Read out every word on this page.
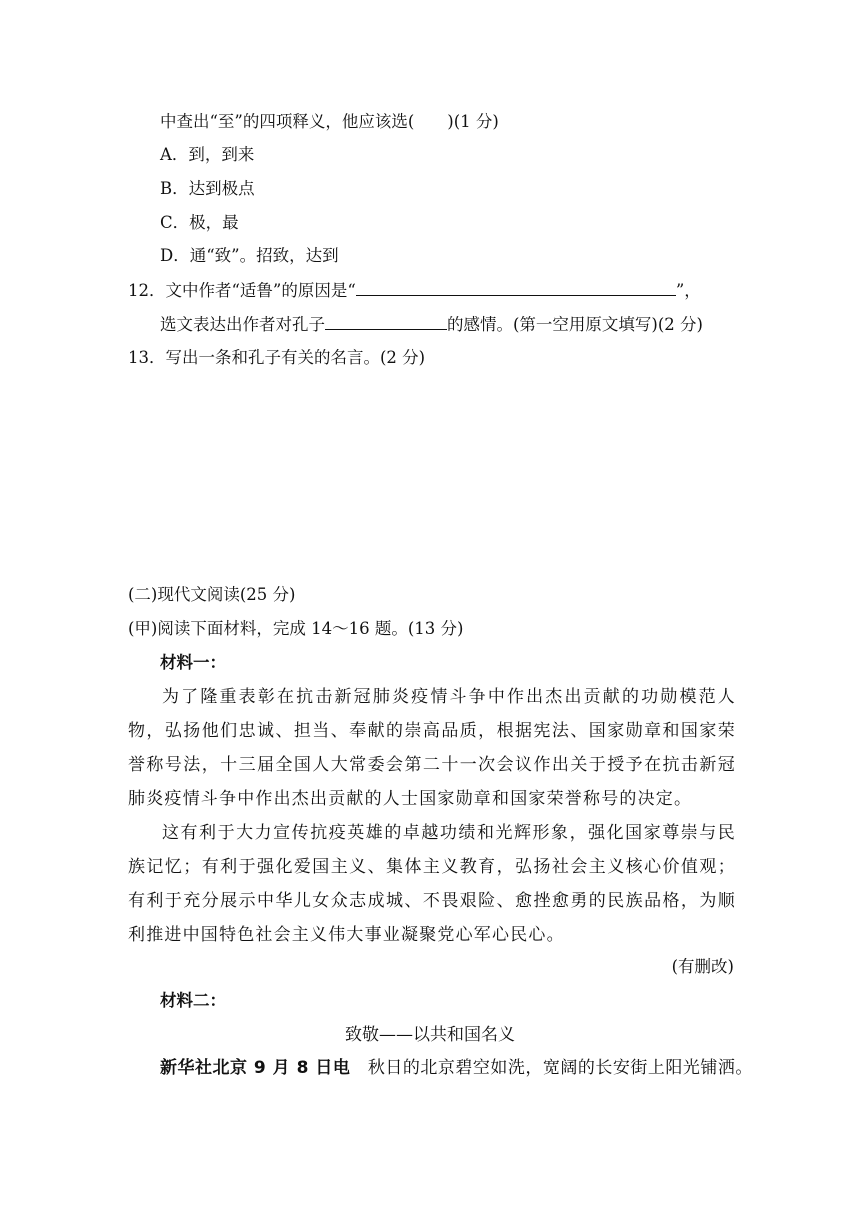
中查出“至”的四项释义，他应该选(　　)(1 分)
A．到，到来
B．达到极点
C．极，最
D．通“致”。招致，达到
12．文中作者“适鲁”的原因是“	”，
选文表达出作者对孔子	的感情。(第一空用原文填写)(2 分)
13．写出一条和孔子有关的名言。(2 分)
(二)现代文阅读(25 分)
(甲)阅读下面材料，完成 14～16 题。(13 分)
材料一：

为了隆重表彰在抗击新冠肺炎疫情斗争中作出杰出贡献的功勋模范人物，弘扬他们忠诚、担当、奉献的崇高品质，根据宪法、国家勋章和国家荣誉称号法，十三届全国人大常委会第二十一次会议作出关于授予在抗击新冠肺炎疫情斗争中作出杰出贡献的人士国家勋章和国家荣誉称号的决定。

这有利于大力宣传抗疫英雄的卓越功绩和光辉形象，强化国家尊崇与民族记忆；有利于强化爱国主义、集体主义教育，弘扬社会主义核心价值观；有利于充分展示中华儿女众志成城、不畏艰险、愈挫愈勇的民族品格，为顺利推进中国特色社会主义伟大事业凝聚党心军心民心。

(有删改)
材料二：
致敬——以共和国名义
新华社北京 9 月 8 日电　秋日的北京碧空如洗，宽阔的长安街上阳光铺洒。
